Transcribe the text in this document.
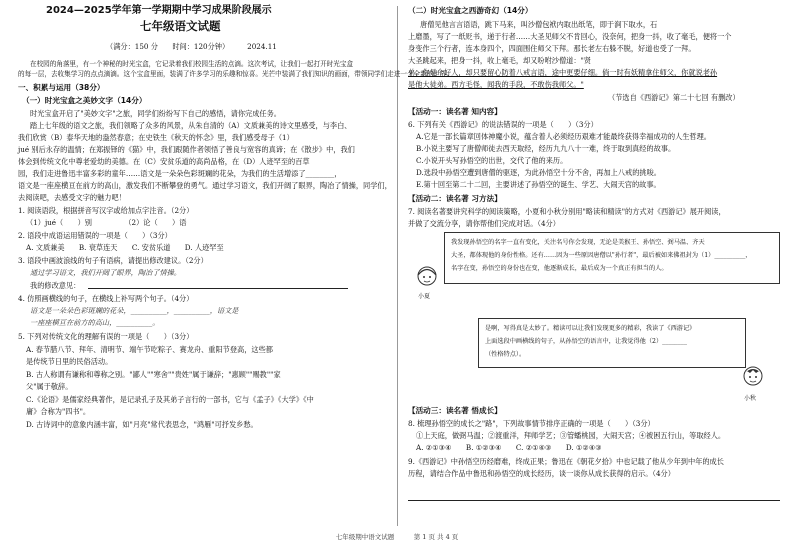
2024—2025学年第一学期期中学习成果阶段展示
七年级语文试题
（满分：150 分　　时间：120分钟）　　　2024.11
在校园的角落里，有一个神秘的时光宝盒，它记录着我们校园生活的点滴。这次考试，让我们一起打开时光宝盒
的每一层，去收集学习的点点滴滴。这个宝盒里面，装满了许多学习的乐趣和惊喜。光芒中装满了我们知识的画面，带领同学们走进一个全新的世界。
一、积累与运用（38分）
（一）时光宝盒之美妙文字（14分）
时光宝盒开启了"美妙文字"之旅，同学们纷纷写下自己的感悟，请你完成任务。
踏上七年级的语文之旅，我们领略了众多的风景，从朱自清的（A）文质兼美的诗文里感受，与李白、
我们欣赏（B）泰华天地的盎然春意；在史铁生《秋天的怀念》里，我们感受母子（1）
jué 别后永存的温情；在郑振铎的《猫》中，我们跟随作者领悟了善良与宽容的真谛；在《散步》中，我们
体会到传统文化中尊老爱幼的美德。在（C）安贫乐道的高尚品格，在（D）人迹罕至的百草
园，我们走进鲁迅丰富多彩的童年……语文是一朵朵色彩斑斓的花朵，为我们的生活增添了________，
语文是一座座横亘在前方的高山，激发我们不断攀登的勇气。通过学习语文，我们开阔了眼界，陶冶了情操，同学们，
去阅读吧，去感受文字的魅力吧！
1. 阅读语段，根据拼音写汉字或给加点字注音。（2分）
（1）jué（　　）别　　　　　（2）论（　　）语
2. 语段中成语运用错误的一项是（　　）（3分）
A. 文质兼美　　B. 衰草连天　　C. 安贫乐道　　D. 人迹罕至
3. 语段中画波浪线的句子有语病，请提出修改建议。（2分）
通过学习语文，我们开阔了眼界，陶冶了情操。
我的修改意见：
4. 仿照画横线的句子，在横线上补写两个句子。（4分）
语文是一朵朵色彩斑斓的花朵，__________，__________，语文是
一座座横亘在前方的高山，__________。
5. 下列对传统文化的理解有误的一项是（　　）（3分）
A. 春节腊八节、拜年、清明节、端午节吃粽子、赛龙舟、重阳节登高，这些都
是传统节日里的民俗活动。
B. 古人称谓有谦称和尊称之别。"鄙人""寒舍""贵姓"属于谦辞；"惠顾""赐教""家
父"属于敬辞。
C.《论语》是儒家经典著作，是记录孔子及其弟子言行的一部书，它与《孟子》《大学》《中
庸》合称为"四书"。
D. 古诗词中的意象内涵丰富，如"月亮"常代表思念，"鸿雁"可抒发乡愁。
（二）时光宝盒之西游奇幻（14分）
唐僧见他言言语语，跳下马来，叫沙僧包袱内取出纸笔，即于涧下取水，石
上磨墨，写了一纸贬书，递于行者……大圣见师父不肯回心，没奈何，把身一抖，收了毫毛，便将一个
身变作三个行者，连本身四个，四面围住师父下拜。那长老左右躲不脱，好道也受了一拜。
大圣跳起来，把身一抖，收上毫毛，却又吩咐沙僧道："贤
弟，你是个好人，却只要留心防着八戒言语，途中更要仔细。倘一时有妖精拿住师父，你就说老孙
是他大徒弟。西方毛怪，闻我的手段，不敢伤我师父。"
（节选自《西游记》第二十七回 有删改）
【活动一：读名著 知内容】
6. 下列有关《西游记》的说法错误的一项是（　　）（3分）
A.它是一部长篇章回体神魔小说，蕴含着人必须经历艰难才能最终获得幸福成功的人生哲理。
B.小说主要写了唐僧师徒去西天取经，经历九九八十一难，终于取到真经的故事。
C.小说开头写孙悟空的出世，交代了他的来历。
D.选段中孙悟空遭到唐僧的驱逐，为此孙悟空十分不舍，再加上八戒的挑唆。
E.第十回至第二十二回，主要讲述了孙悟空的诞生、学艺、大闹天宫的故事。
【活动二：读名著 习方法】
7. 阅读名著要讲究科学的阅读策略，小夏和小秋分别用"略读和精读"的方式对《西游记》展开阅读，
并做了交流分享，请你帮他们完成对话。（4分）
我发现孙悟空的名字一直有变化，关注名号你会发现，无论是美猴王、孙悟空、弼马温、齐天
大圣，都体现他的身份性格。还有……因为一些原因唐僧以"孙行者"，最后被如来佛祖封为（1）__________，
名字在变，孙悟空的身份也在变，他逐渐成长，最后成为一个真正有担当的人。
小夏
是啊，写得真是太妙了。精读可以让我们发现更多的精彩，我读了《西游记》
上面选段中画横线的句子，从孙悟空的语言中，让我觉得他（2）________
（性格特点）。
小秋
【活动三：读名著 悟成长】
8. 梳理孙悟空的成长之"路"，下列故事情节排序正确的一项是（　　）（3分）
①上天庭，做弼马温；②渡重洋，拜师学艺；③管蟠桃园，大闹天宫；④被困五行山，等取经人。
A. ②①③④　　B. ①②③④　　C. ②①④③　　D. ①②④③
9.《西游记》中孙悟空历经磨难，终成正果；鲁迅在《朝花夕拾》中也记载了他从少年到中年的成长
历程，请结合作品中鲁迅和孙悟空的成长经历，谈一谈你从成长获得的启示。（4分）
七年级期中语文试题　　　第 1 页 共 4 页
